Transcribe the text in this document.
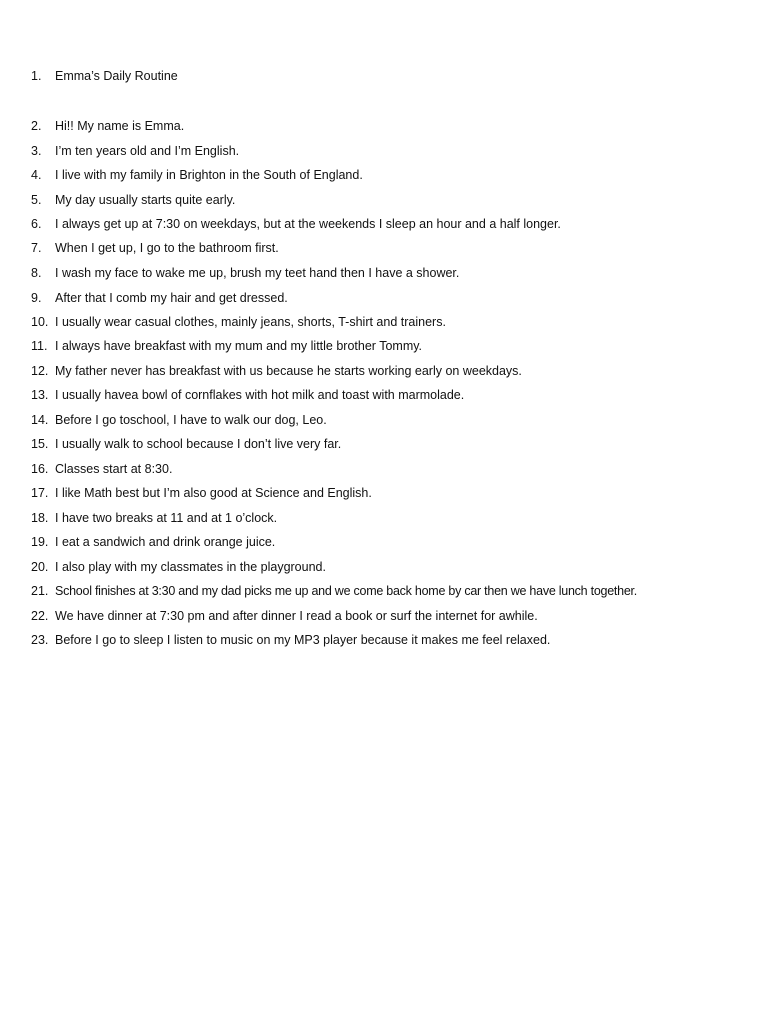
1.	Emma’s Daily Routine
2.	Hi!! My name is Emma.
3.	I’m ten years old and I’m English.
4.	I live with my family in Brighton in the South of England.
5.	My day usually starts quite early.
6.	I always get up at 7:30 on weekdays, but at the weekends I sleep an hour and a half longer.
7.	When I get up, I go to the bathroom first.
8.	I wash my face to wake me up, brush my teet hand then I have a shower.
9.	After that I comb my hair and get dressed.
10. I usually wear casual clothes, mainly jeans, shorts, T-shirt and trainers.
11. I always have breakfast with my mum and my little brother Tommy.
12. My father never has breakfast with us because he starts working early on weekdays.
13. I usually havea bowl of cornflakes with hot milk and toast with marmolade.
14. Before I go toschool, I have to walk our dog, Leo.
15. I usually walk to school because I don’t live very far.
16. Classes start at 8:30.
17. I like Math best but I’m also good at Science and English.
18. I have two breaks at 11 and at 1 o’clock.
19. I eat a sandwich and drink orange juice.
20. I also play with my classmates in the playground.
21. School finishes at 3:30 and my dad picks me up and we come back home by car then we have lunch together.
22. We have dinner at 7:30 pm and after dinner I read a book or surf the internet for awhile.
23. Before I go to sleep I listen to music on my MP3 player because it makes me feel relaxed.
